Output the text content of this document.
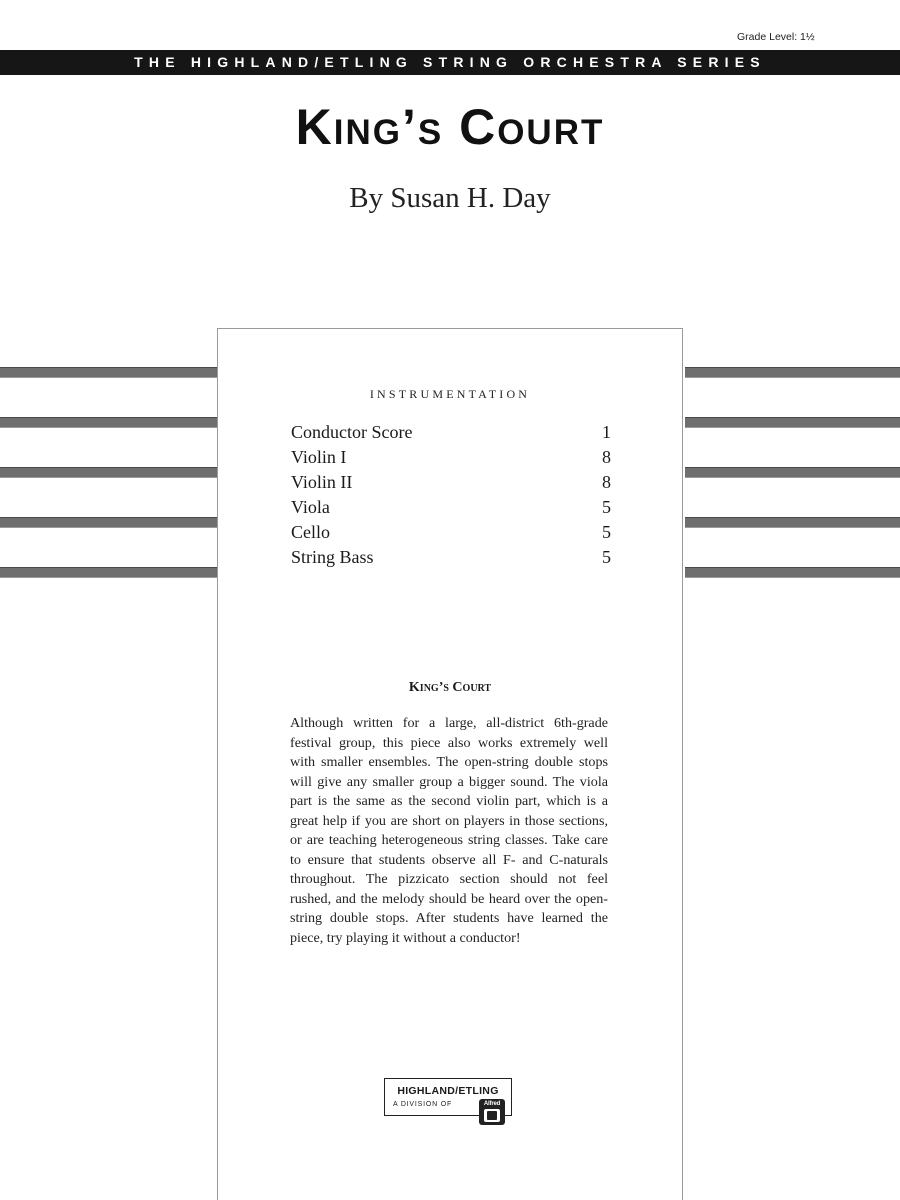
Grade Level: 1½
THE HIGHLAND/ETLING STRING ORCHESTRA SERIES
King’s Court
By Susan H. Day
INSTRUMENTATION
Conductor Score	1
Violin I	8
Violin II	8
Viola	5
Cello	5
String Bass	5
King’s Court
Although written for a large, all-district 6th-grade festival group, this piece also works extremely well with smaller ensembles. The open-string double stops will give any smaller group a bigger sound. The viola part is the same as the second violin part, which is a great help if you are short on players in those sections, or are teaching heterogeneous string classes. Take care to ensure that students observe all F- and C-naturals throughout. The pizzicato section should not feel rushed, and the melody should be heard over the open-string double stops. After students have learned the piece, try playing it without a conductor!
HIGHLAND/ETLING
A DIVISION OF	Alfred
